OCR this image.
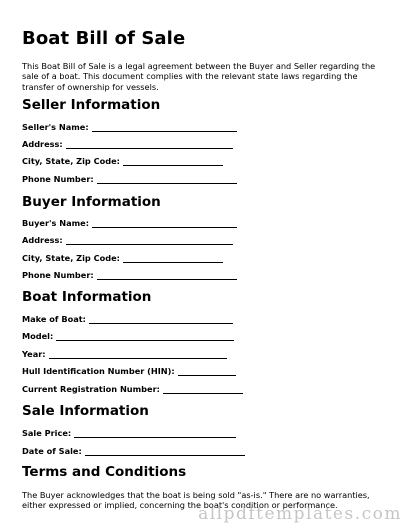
Boat Bill of Sale
This Boat Bill of Sale is a legal agreement between the Buyer and Seller regarding the sale of a boat. This document complies with the relevant state laws regarding the transfer of ownership for vessels.
Seller Information
Seller's Name:
Address:
City, State, Zip Code:
Phone Number:
Buyer Information
Buyer's Name:
Address:
City, State, Zip Code:
Phone Number:
Boat Information
Make of Boat:
Model:
Year:
Hull Identification Number (HIN):
Current Registration Number:
Sale Information
Sale Price:
Date of Sale:
Terms and Conditions
The Buyer acknowledges that the boat is being sold "as-is." There are no warranties, either expressed or implied, concerning the boat's condition or performance.
allpdftemplates.com
